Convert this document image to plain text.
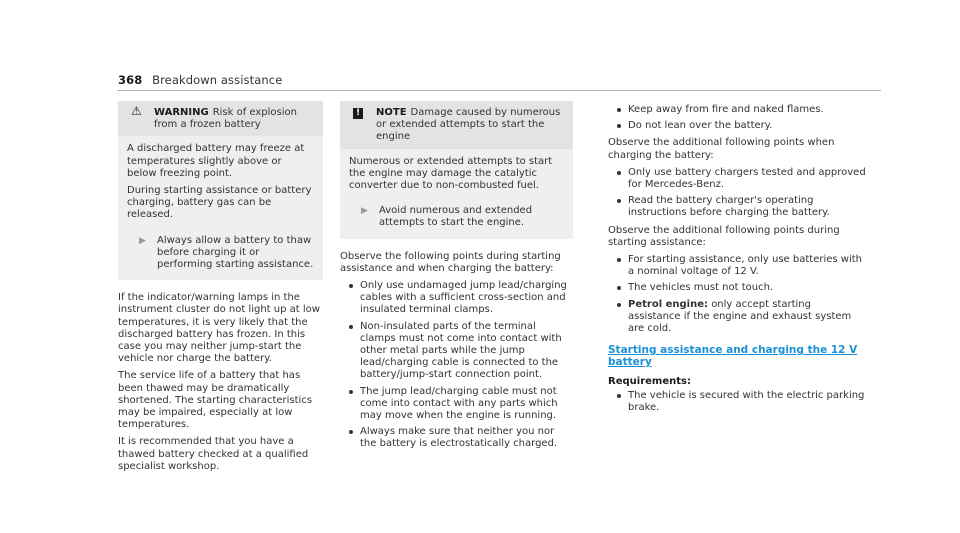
368 Breakdown assistance
⚠ WARNING Risk of explosion from a frozen battery

A discharged battery may freeze at temperatures slightly above or below freezing point.

During starting assistance or battery charging, battery gas can be released.

▶ Always allow a battery to thaw before charging it or performing starting assistance.

If the indicator/warning lamps in the instrument cluster do not light up at low temperatures, it is very likely that the discharged battery has frozen. In this case you may neither jump-start the vehicle nor charge the battery.

The service life of a battery that has been thawed may be dramatically shortened. The starting characteristics may be impaired, especially at low temperatures.

It is recommended that you have a thawed battery checked at a qualified specialist workshop.

! NOTE Damage caused by numerous or extended attempts to start the engine

Numerous or extended attempts to start the engine may damage the catalytic converter due to non-combusted fuel.

▶ Avoid numerous and extended attempts to start the engine.

Observe the following points during starting assistance and when charging the battery:

Only use undamaged jump lead/charging cables with a sufficient cross-section and insulated terminal clamps.
Non-insulated parts of the terminal clamps must not come into contact with other metal parts while the jump lead/charging cable is connected to the battery/jump-start connection point.
The jump lead/charging cable must not come into contact with any parts which may move when the engine is running.
Always make sure that neither you nor the battery is electrostatically charged.
Keep away from fire and naked flames.
Do not lean over the battery.

Observe the additional following points when charging the battery:

Only use battery chargers tested and approved for Mercedes-Benz.
Read the battery charger's operating instructions before charging the battery.

Observe the additional following points during starting assistance:

For starting assistance, only use batteries with a nominal voltage of 12 V.
The vehicles must not touch.
Petrol engine: only accept starting assistance if the engine and exhaust system are cold.
Starting assistance and charging the 12 V battery
Requirements:
The vehicle is secured with the electric parking brake.
